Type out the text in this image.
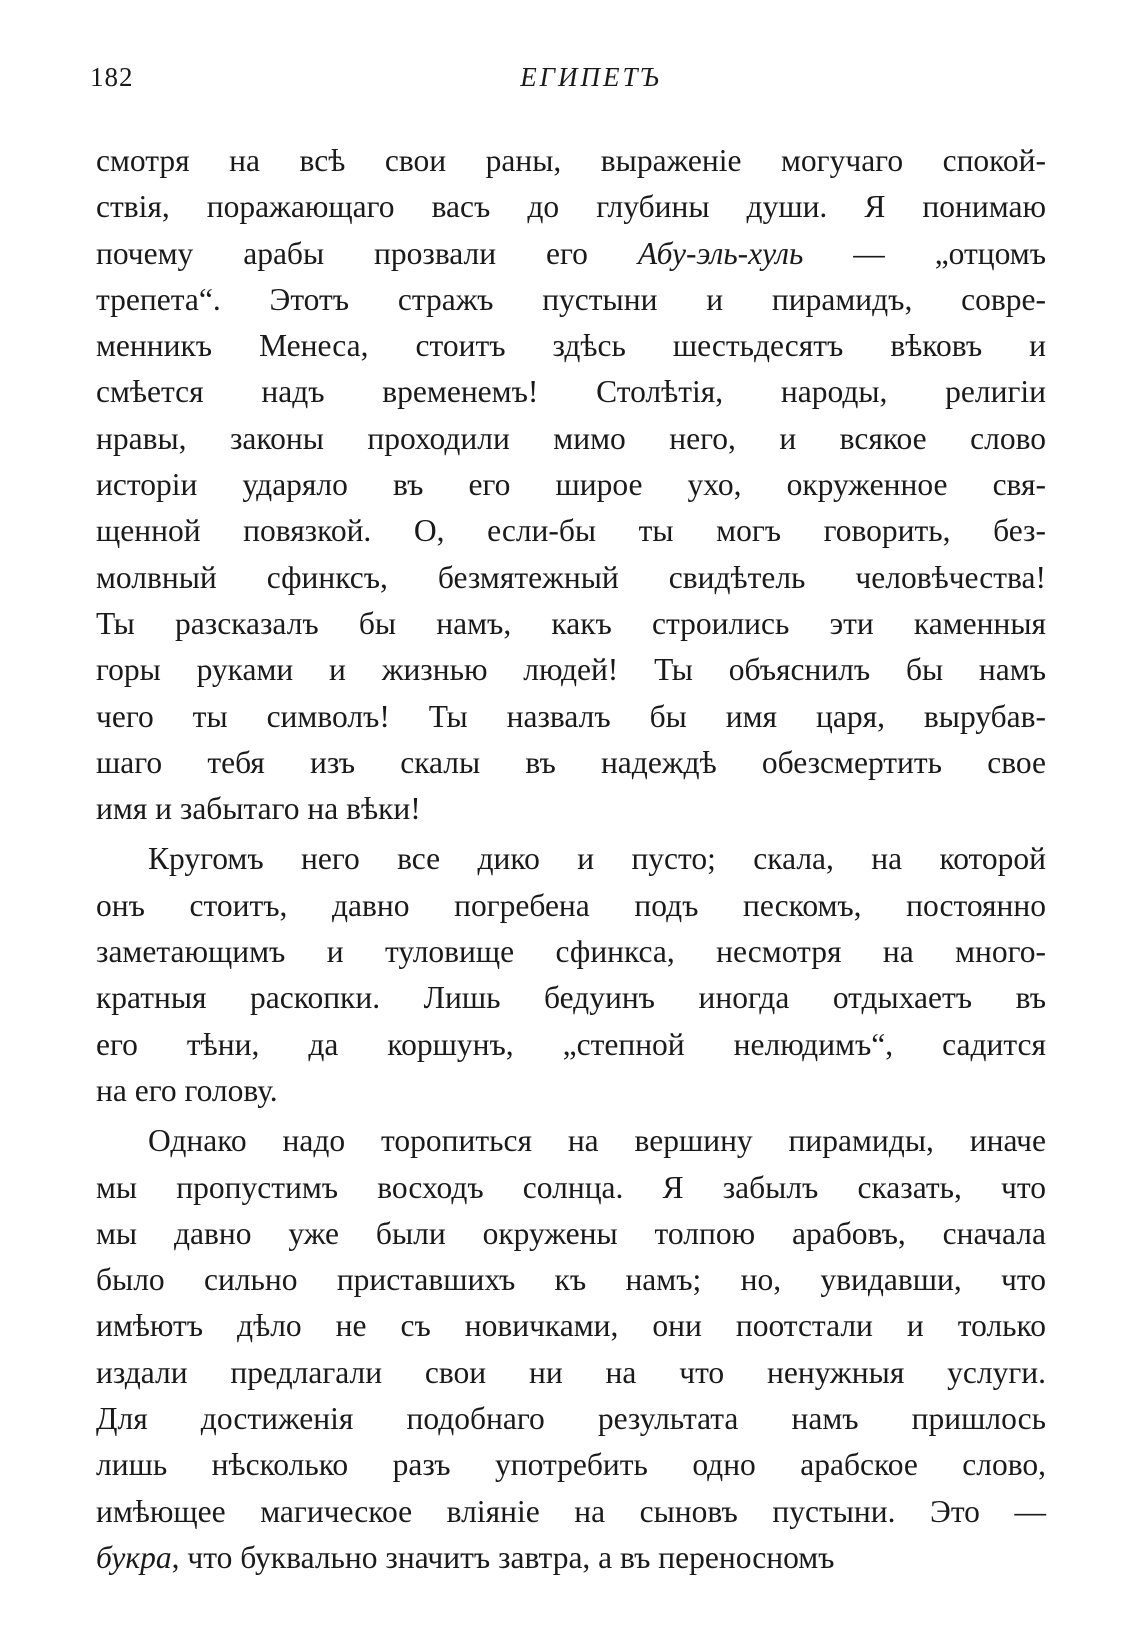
182	ЕГИПЕТЪ
смотря на всѣ свои раны, выраженіе могучаго спокой-
ствія, поражающаго васъ до глубины души. Я понимаю
почему арабы прозвали его Абу-эль-хуль — „отцомъ
трепета“. Этотъ стражъ пустыни и пирамидъ, совре-
менникъ Менеса, стоитъ здѣсь шестьдесятъ вѣковъ и
смѣется надъ временемъ! Столѣтія, народы, религіи
нравы, законы проходили мимо него, и всякое слово
исторіи ударяло въ его широе ухо, окруженное свя-
щенной повязкой. О, если-бы ты могъ говорить, без-
молвный сфинксъ, безмятежный свидѣтель человѣчества!
Ты разсказалъ бы намъ, какъ строились эти каменныя
горы руками и жизнью людей! Ты объяснилъ бы намъ
чего ты символъ! Ты назвалъ бы имя царя, вырубав-
шаго тебя изъ скалы въ надеждѣ обезсмертить свое
имя и забытаго на вѣки!
Кругомъ него все дико и пусто; скала, на которой
онъ стоитъ, давно погребена подъ пескомъ, постоянно
заметающимъ и туловище сфинкса, несмотря на много-
кратныя раскопки. Лишь бедуинъ иногда отдыхаетъ въ
его тѣни, да коршунъ, „степной нелюдимъ“, садится
на его голову.
Однако надо торопиться на вершину пирамиды, иначе
мы пропустимъ восходъ солнца. Я забылъ сказать, что
мы давно уже были окружены толпою арабовъ, сначала
было сильно приставшихъ къ намъ; но, увидавши, что
имѣютъ дѣло не съ новичками, они поотстали и только
издали предлагали свои ни на что ненужныя услуги.
Для достиженія подобнаго результата намъ пришлось
лишь нѣсколько разъ употребить одно арабское слово,
имѣющее магическое вліяніе на сыновъ пустыни. Это —
букра, что буквально значитъ завтра, а въ переносномъ
